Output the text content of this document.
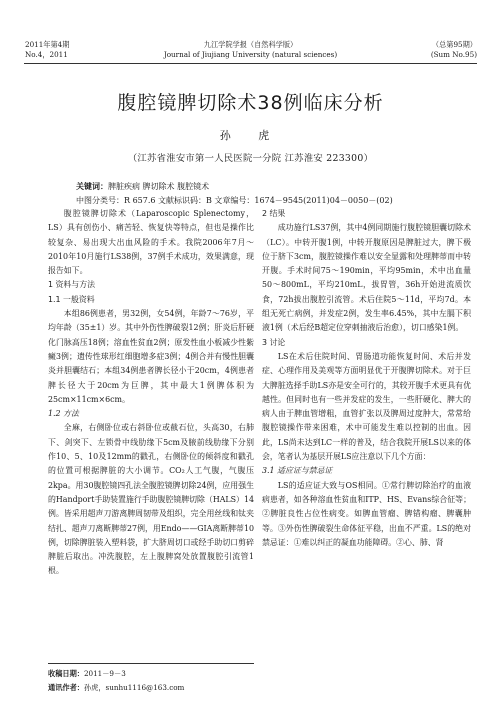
2011年第4期
No.4，2011
九江学院学报（自然科学版）
Journal of Jiujiang University (natural sciences)
（总第95期）
(Sum No.95)
腹腔镜脾切除术38例临床分析
孙 虎
（江苏省淮安市第一人民医院一分院 江苏淮安 223300）
关键词：脾脏疾病 脾切除术 腹腔镜术
中图分类号：R 657.6 文献标识码：B 文章编号：1674－9545(2011)04－0050－(02)

腹腔镜脾切除术（Laparoscopic Splenectomy，LS）具有创伤小、痛苦轻、恢复快等特点，但也是操作比较复杂、易出现大出血风险的手术。我院2006年7月～2010年10月施行LS38例，37例手术成功，效果满意，现报告如下。

1 资料与方法

1.1 一般资料

本组86例患者，男32例，女54例，年龄7～76岁，平均年龄（35±1）岁。其中外伤性脾破裂12例；肝炎后肝硬化门脉高压18例；溶血性贫血2例；原发性血小板减少性紫癜3例；遗传性球形红细胞增多症3例；4例合并有慢性胆囊炎并胆囊结石；本组34例患者脾长径小于20cm，4例患者脾长径大于20cm为巨脾，其中最大1例脾体积为25cm×11cm×6cm。

1.2 方法

全麻，右侧卧位或右斜卧位或截石位，头高30，右肺下、剑突下、左锁骨中线肋缘下5cm及腋前线肋缘下分别作10、5、10及12mm的戳孔，右侧卧位的倾斜度和戳孔的位置可根据脾脏的大小调节。CO₂人工气腹，气腹压2kpa。用30腹腔镜四孔法全腹腔镜脾切除24例，应用强生的Handport手助装置施行手助腹腔镜脾切除（HALS）14例。皆采用超声刀游离脾周韧带及组织，完全用丝线和钛夹结扎、超声刀离断脾蒂27例，用Endo——GIA离断脾蒂10例，切除脾脏装入塑料袋，扩大脐周切口或经手助切口剪碎脾脏后取出。冲洗腹腔，左上腹脾窝处放置腹腔引流管1根。

2 结果

成功施行LS37例，其中4例同期施行腹腔镜胆囊切除术（LC）。中转开腹1例，中转开腹原因是脾脏过大，脾下极位于脐下3cm，腹腔镜操作难以安全显露和处理脾蒂而中转开腹。手术时间75～190min，平均95min，术中出血量50～800mL，平均210mL，拔胃管，36h开始进流质饮食，72h拔出腹腔引流管。术后住院5～11d，平均7d。本组无死亡病例，并发症2例，发生率6.45%，其中左膈下积液1例（术后经B超定位穿刺抽液后治愈），切口感染1例。

3 讨论

LS在术后住院时间、胃肠道功能恢复时间、术后并发症、心理作用及美观等方面明显优于开腹脾切除术。对于巨大脾脏选择手助LS亦是安全可行的，其较开腹手术更具有优越性。但同时也有一些并发症的发生，一些肝硬化、脾大的病人由于脾血管增粗，血管扩张以及脾周过度肿大，常常给腹腔镜操作带来困难，术中可能发生难以控制的出血。因此，LS尚未达到LC一样的普及，结合我院开展LS以来的体会，笔者认为基层开展LS应注意以下几个方面：

3.1 适应证与禁忌证

LS的适应证大致与OS相同。①常行脾切除治疗的血液病患者，如各种溶血性贫血和ITP、HS、Evans综合征等；②脾脏良性占位性病变。如脾血管瘤、脾错构瘤、脾囊肿等。③外伤性脾破裂生命体征平稳，出血不严重。LS的绝对禁忌证：①难以纠正的凝血功能障碍。②心、肺、肾

收稿日期：2011－9－3
通讯作者：孙虎，sunhu1116@163.com
